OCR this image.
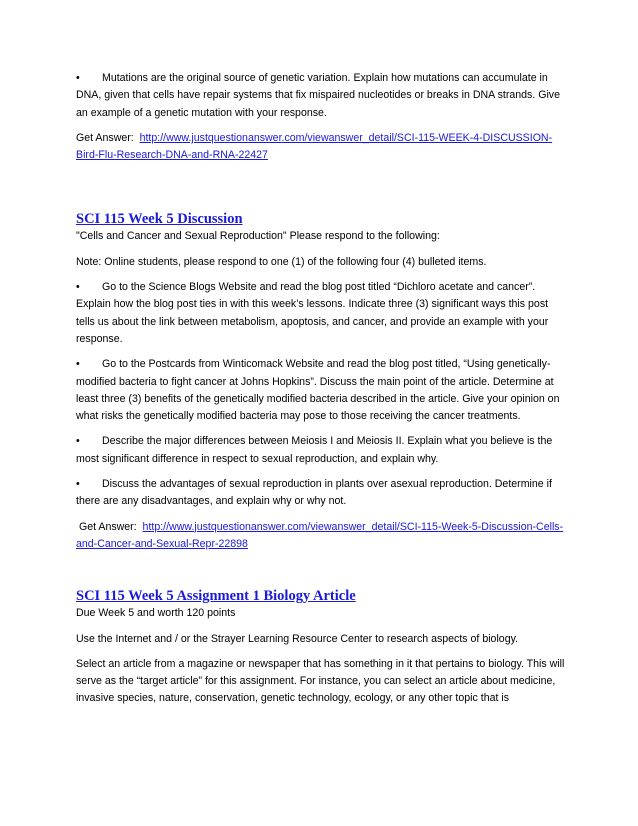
•	Mutations are the original source of genetic variation. Explain how mutations can accumulate in

DNA, given that cells have repair systems that fix mispaired nucleotides or breaks in DNA strands. Give an example of a genetic mutation with your response.

Get Answer: http://www.justquestionanswer.com/viewanswer_detail/SCI-115-WEEK-4-DISCUSSION-Bird-Flu-Research-DNA-and-RNA-22427

SCI 115 Week 5 Discussion

"Cells and Cancer and Sexual Reproduction" Please respond to the following:

Note: Online students, please respond to one (1) of the following four (4) bulleted items.

•	Go to the Science Blogs Website and read the blog post titled “Dichloro acetate and cancer”.

Explain how the blog post ties in with this week’s lessons. Indicate three (3) significant ways this post tells us about the link between metabolism, apoptosis, and cancer, and provide an example with your response.

•	Go to the Postcards from Winticomack Website and read the blog post titled, “Using genetically-

modified bacteria to fight cancer at Johns Hopkins”. Discuss the main point of the article. Determine at least three (3) benefits of the genetically modified bacteria described in the article. Give your opinion on what risks the genetically modified bacteria may pose to those receiving the cancer treatments.

•	Describe the major differences between Meiosis I and Meiosis II. Explain what you believe is the

most significant difference in respect to sexual reproduction, and explain why.

•	Discuss the advantages of sexual reproduction in plants over asexual reproduction. Determine if

there are any disadvantages, and explain why or why not.

Get Answer: http://www.justquestionanswer.com/viewanswer_detail/SCI-115-Week-5-Discussion-Cells-and-Cancer-and-Sexual-Repr-22898

SCI 115 Week 5 Assignment 1 Biology Article

Due Week 5 and worth 120 points

Use the Internet and / or the Strayer Learning Resource Center to research aspects of biology.

Select an article from a magazine or newspaper that has something in it that pertains to biology. This will serve as the “target article” for this assignment. For instance, you can select an article about medicine, invasive species, nature, conservation, genetic technology, ecology, or any other topic that is
